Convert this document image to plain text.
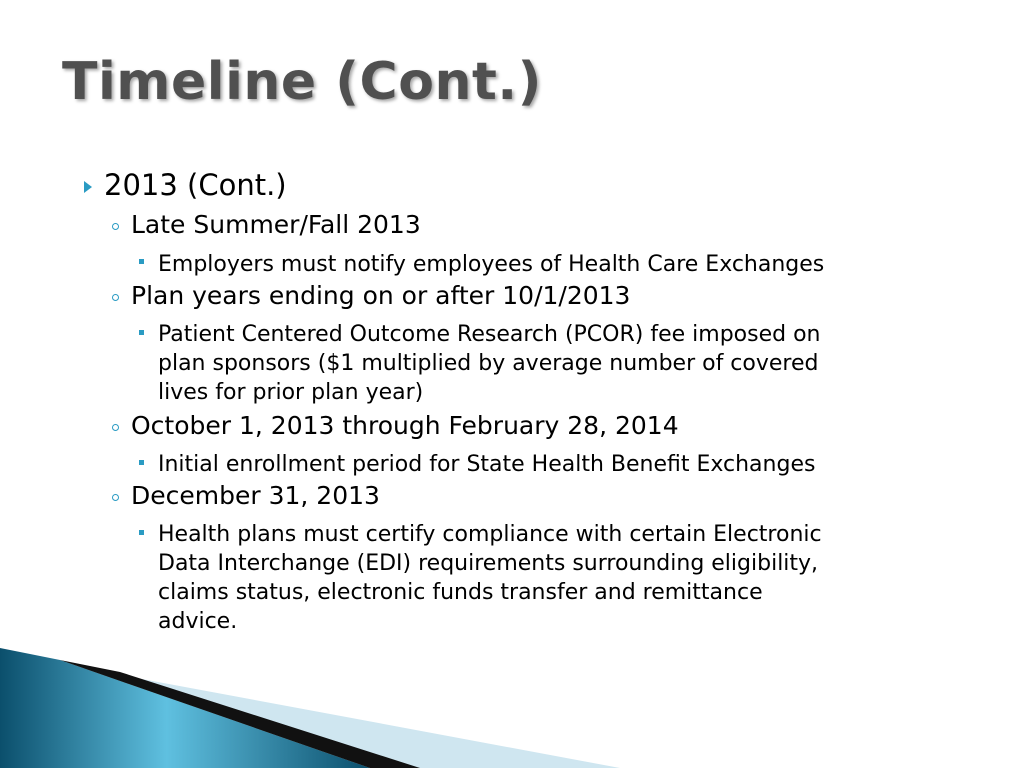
Timeline (Cont.)
2013 (Cont.)
Late Summer/Fall 2013
Employers must notify employees of Health Care Exchanges
Plan years ending on or after 10/1/2013
Patient Centered Outcome Research (PCOR) fee imposed on
plan sponsors ($1 multiplied by average number of covered
lives for prior plan year)
October 1, 2013 through February 28, 2014
Initial enrollment period for State Health Benefit Exchanges
December 31, 2013
Health plans must certify compliance with certain Electronic
Data Interchange (EDI) requirements surrounding eligibility,
claims status, electronic funds transfer and remittance
advice.
